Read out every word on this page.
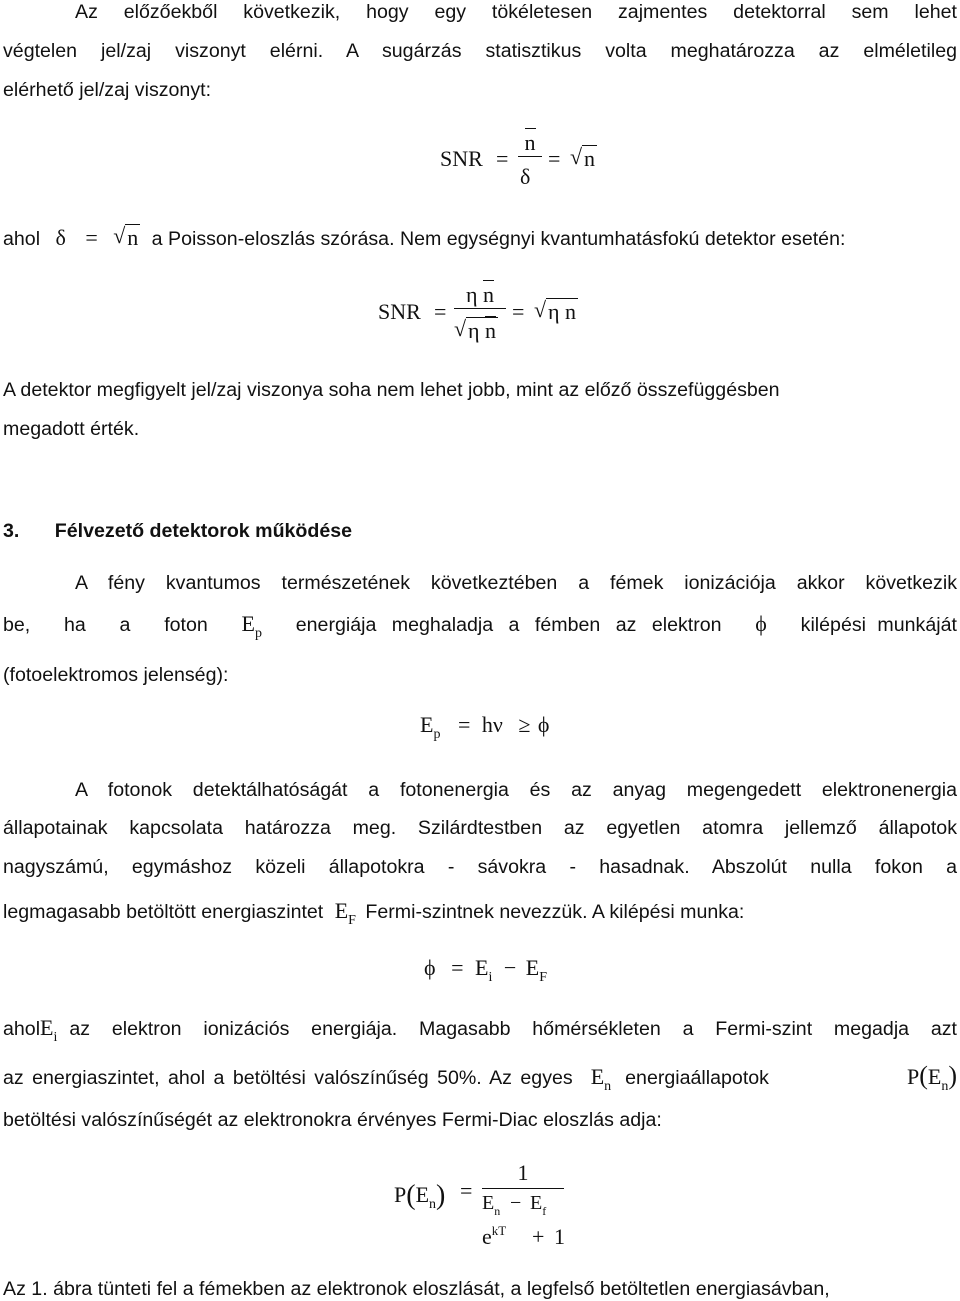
Az előzőekből következik, hogy egy tökéletesen zajmentes detektorral sem lehet
végtelen jel/zaj viszonyt elérni. A sugárzás statisztikus volta meghatározza az elméletileg
elérhető jel/zaj viszonyt:
SNR =
n
δ
=	√ n
ahol δ = √ n a Poisson-eloszlás szórása. Nem egységnyi kvantumhatásfokú detektor esetén:
SNR =
η n
√ η n
=	√ η n
A detektor megfigyelt jel/zaj viszonya soha nem lehet jobb, mint az előző összefüggésben
megadott érték.
3. Félvezető detektorok működése
A fény kvantumos természetének következtében a fémek ionizációja akkor következik
be, ha a foton $E_p$ energiája meghaladja a fémben az elektron ϕ kilépési munkáját
(fotoelektromos jelenség):
$E_p = h\nu \ge \phi$
A fotonok detektálhatóságát a fotonenergia és az anyag megengedett elektronenergia
állapotainak kapcsolata határozza meg. Szilárdtestben az egyetlen atomra jellemző állapotok
nagyszámú, egymáshoz közeli állapotokra - sávokra - hasadnak. Abszolút nulla fokon a
legmagasabb betöltött energiaszintet $E_F$ Fermi-szintnek nevezzük. A kilépési munka:
$\phi = E_i - E_F$
ahol $E_i$ az elektron ionizációs energiája. Magasabb hőmérsékleten a Fermi-szint megadja azt
az energiaszintet, ahol a betöltési valószínűség 50%. Az egyes $E_n$ energiaállapotok	$P(E_n)$
betöltési valószínűségét az elektronokra érvényes Fermi-Diac eloszlás adja:
$P(E_n)$ =
1
$E_n - E_f$
$e^{kT} + 1$
Az 1. ábra tünteti fel a fémekben az elektronok eloszlását, a legfelső betöltetlen energiasávban,
